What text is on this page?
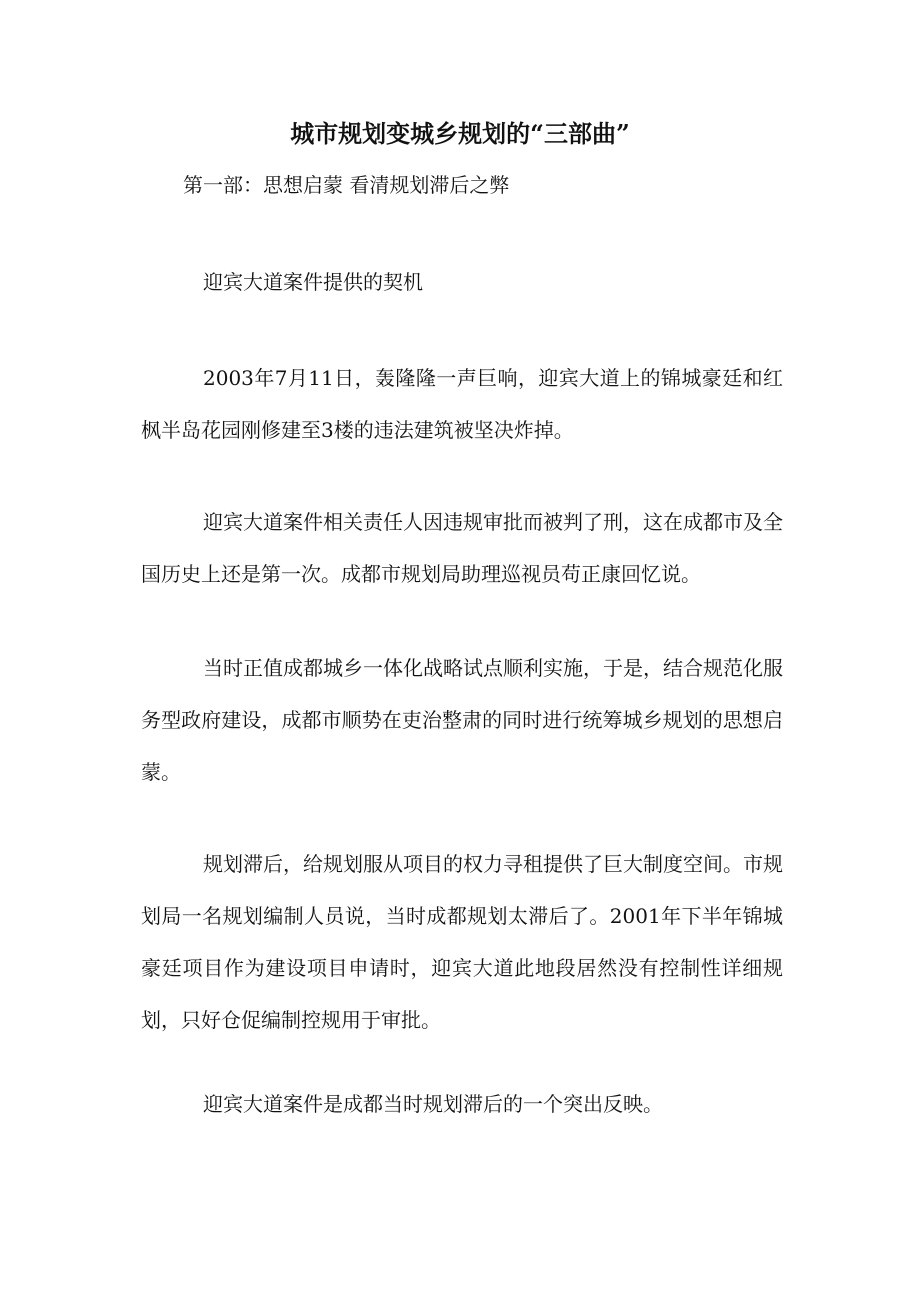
城市规划变城乡规划的“三部曲”

第一部：思想启蒙 看清规划滞后之弊

迎宾大道案件提供的契机

2003年7月11日，轰隆隆一声巨响，迎宾大道上的锦城豪廷和红枫半岛花园刚修建至3楼的违法建筑被坚决炸掉。

迎宾大道案件相关责任人因违规审批而被判了刑，这在成都市及全国历史上还是第一次。成都市规划局助理巡视员苟正康回忆说。

当时正值成都城乡一体化战略试点顺利实施，于是，结合规范化服务型政府建设，成都市顺势在吏治整肃的同时进行统筹城乡规划的思想启蒙。

规划滞后，给规划服从项目的权力寻租提供了巨大制度空间。市规划局一名规划编制人员说，当时成都规划太滞后了。2001年下半年锦城豪廷项目作为建设项目申请时，迎宾大道此地段居然没有控制性详细规划，只好仓促编制控规用于审批。

迎宾大道案件是成都当时规划滞后的一个突出反映。
